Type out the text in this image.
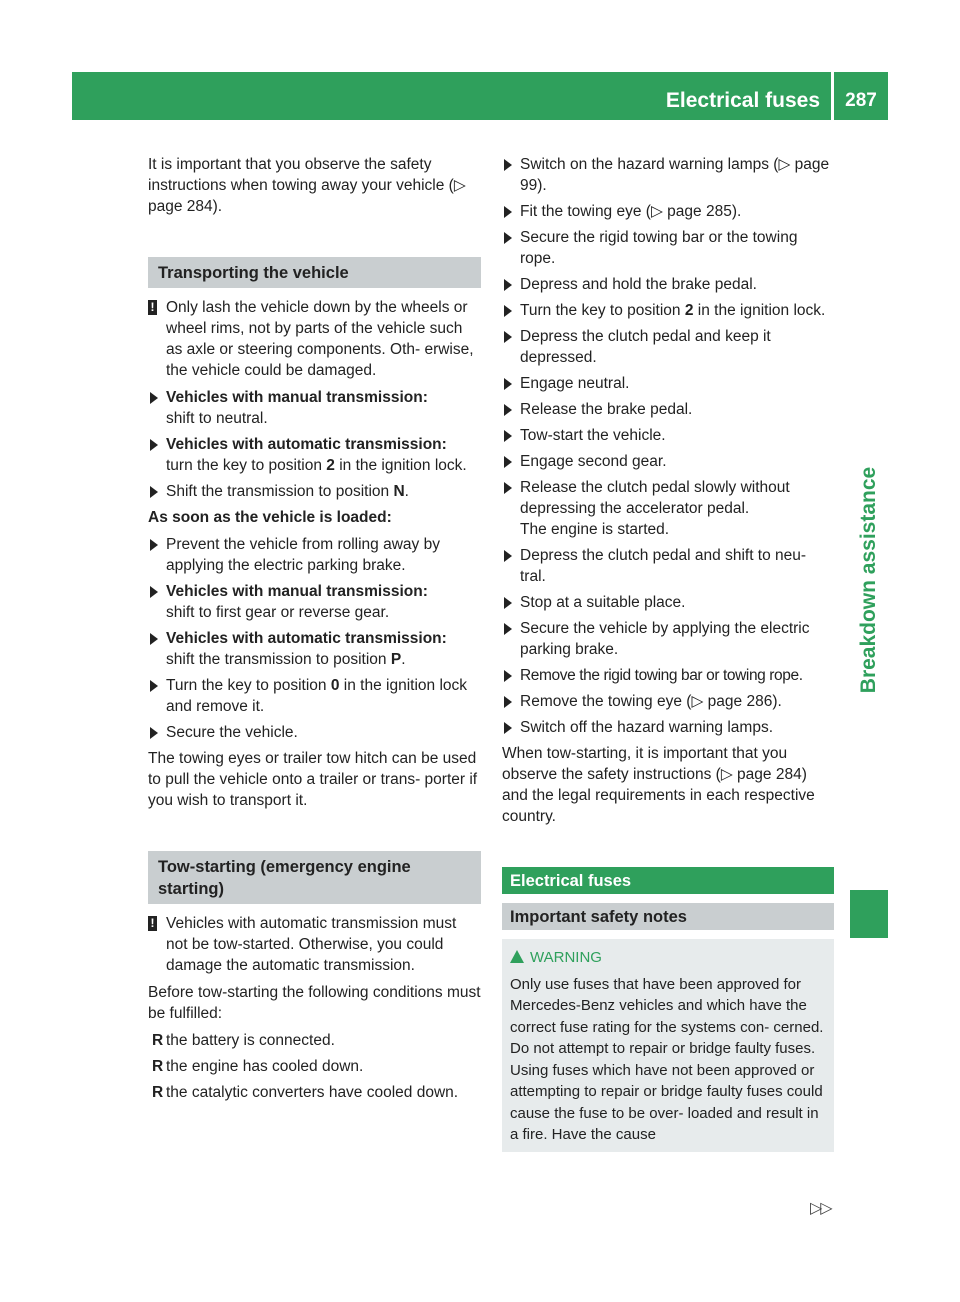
Electrical fuses	287
Breakdown assistance

It is important that you observe the safety instructions when towing away your vehicle (▷ page 284).

Transporting the vehicle
! Only lash the vehicle down by the wheels or wheel rims, not by parts of the vehicle such as axle or steering components. Oth- erwise, the vehicle could be damaged.
Vehicles with manual transmission:
shift to neutral.
Vehicles with automatic transmission:
turn the key to position 2 in the ignition lock.
Shift the transmission to position N.

As soon as the vehicle is loaded:

Prevent the vehicle from rolling away by applying the electric parking brake.
Vehicles with manual transmission:
shift to first gear or reverse gear.
Vehicles with automatic transmission:
shift the transmission to position P.
Turn the key to position 0 in the ignition lock and remove it.
Secure the vehicle.

The towing eyes or trailer tow hitch can be used to pull the vehicle onto a trailer or trans- porter if you wish to transport it.

Tow-starting (emergency engine starting)
! Vehicles with automatic transmission must not be tow-started. Otherwise, you could damage the automatic transmission.

Before tow-starting the following conditions must be fulfilled:

R the battery is connected.
R the engine has cooled down.
R the catalytic converters have cooled down.
Switch on the hazard warning lamps (▷ page 99).
Fit the towing eye (▷ page 285).
Secure the rigid towing bar or the towing rope.
Depress and hold the brake pedal.
Turn the key to position 2 in the ignition lock.
Depress the clutch pedal and keep it depressed.
Engage neutral.
Release the brake pedal.
Tow-start the vehicle.
Engage second gear.
Release the clutch pedal slowly without depressing the accelerator pedal.
The engine is started.
Depress the clutch pedal and shift to neu- tral.
Stop at a suitable place.
Secure the vehicle by applying the electric parking brake.
Remove the rigid towing bar or towing rope.
Remove the towing eye (▷ page 286).
Switch off the hazard warning lamps.

When tow-starting, it is important that you observe the safety instructions (▷ page 284) and the legal requirements in each respective country.

Electrical fuses
Important safety notes
WARNING
Only use fuses that have been approved for Mercedes-Benz vehicles and which have the correct fuse rating for the systems con- cerned. Do not attempt to repair or bridge faulty fuses. Using fuses which have not been approved or attempting to repair or bridge faulty fuses could cause the fuse to be over- loaded and result in a fire. Have the cause
▷▷
